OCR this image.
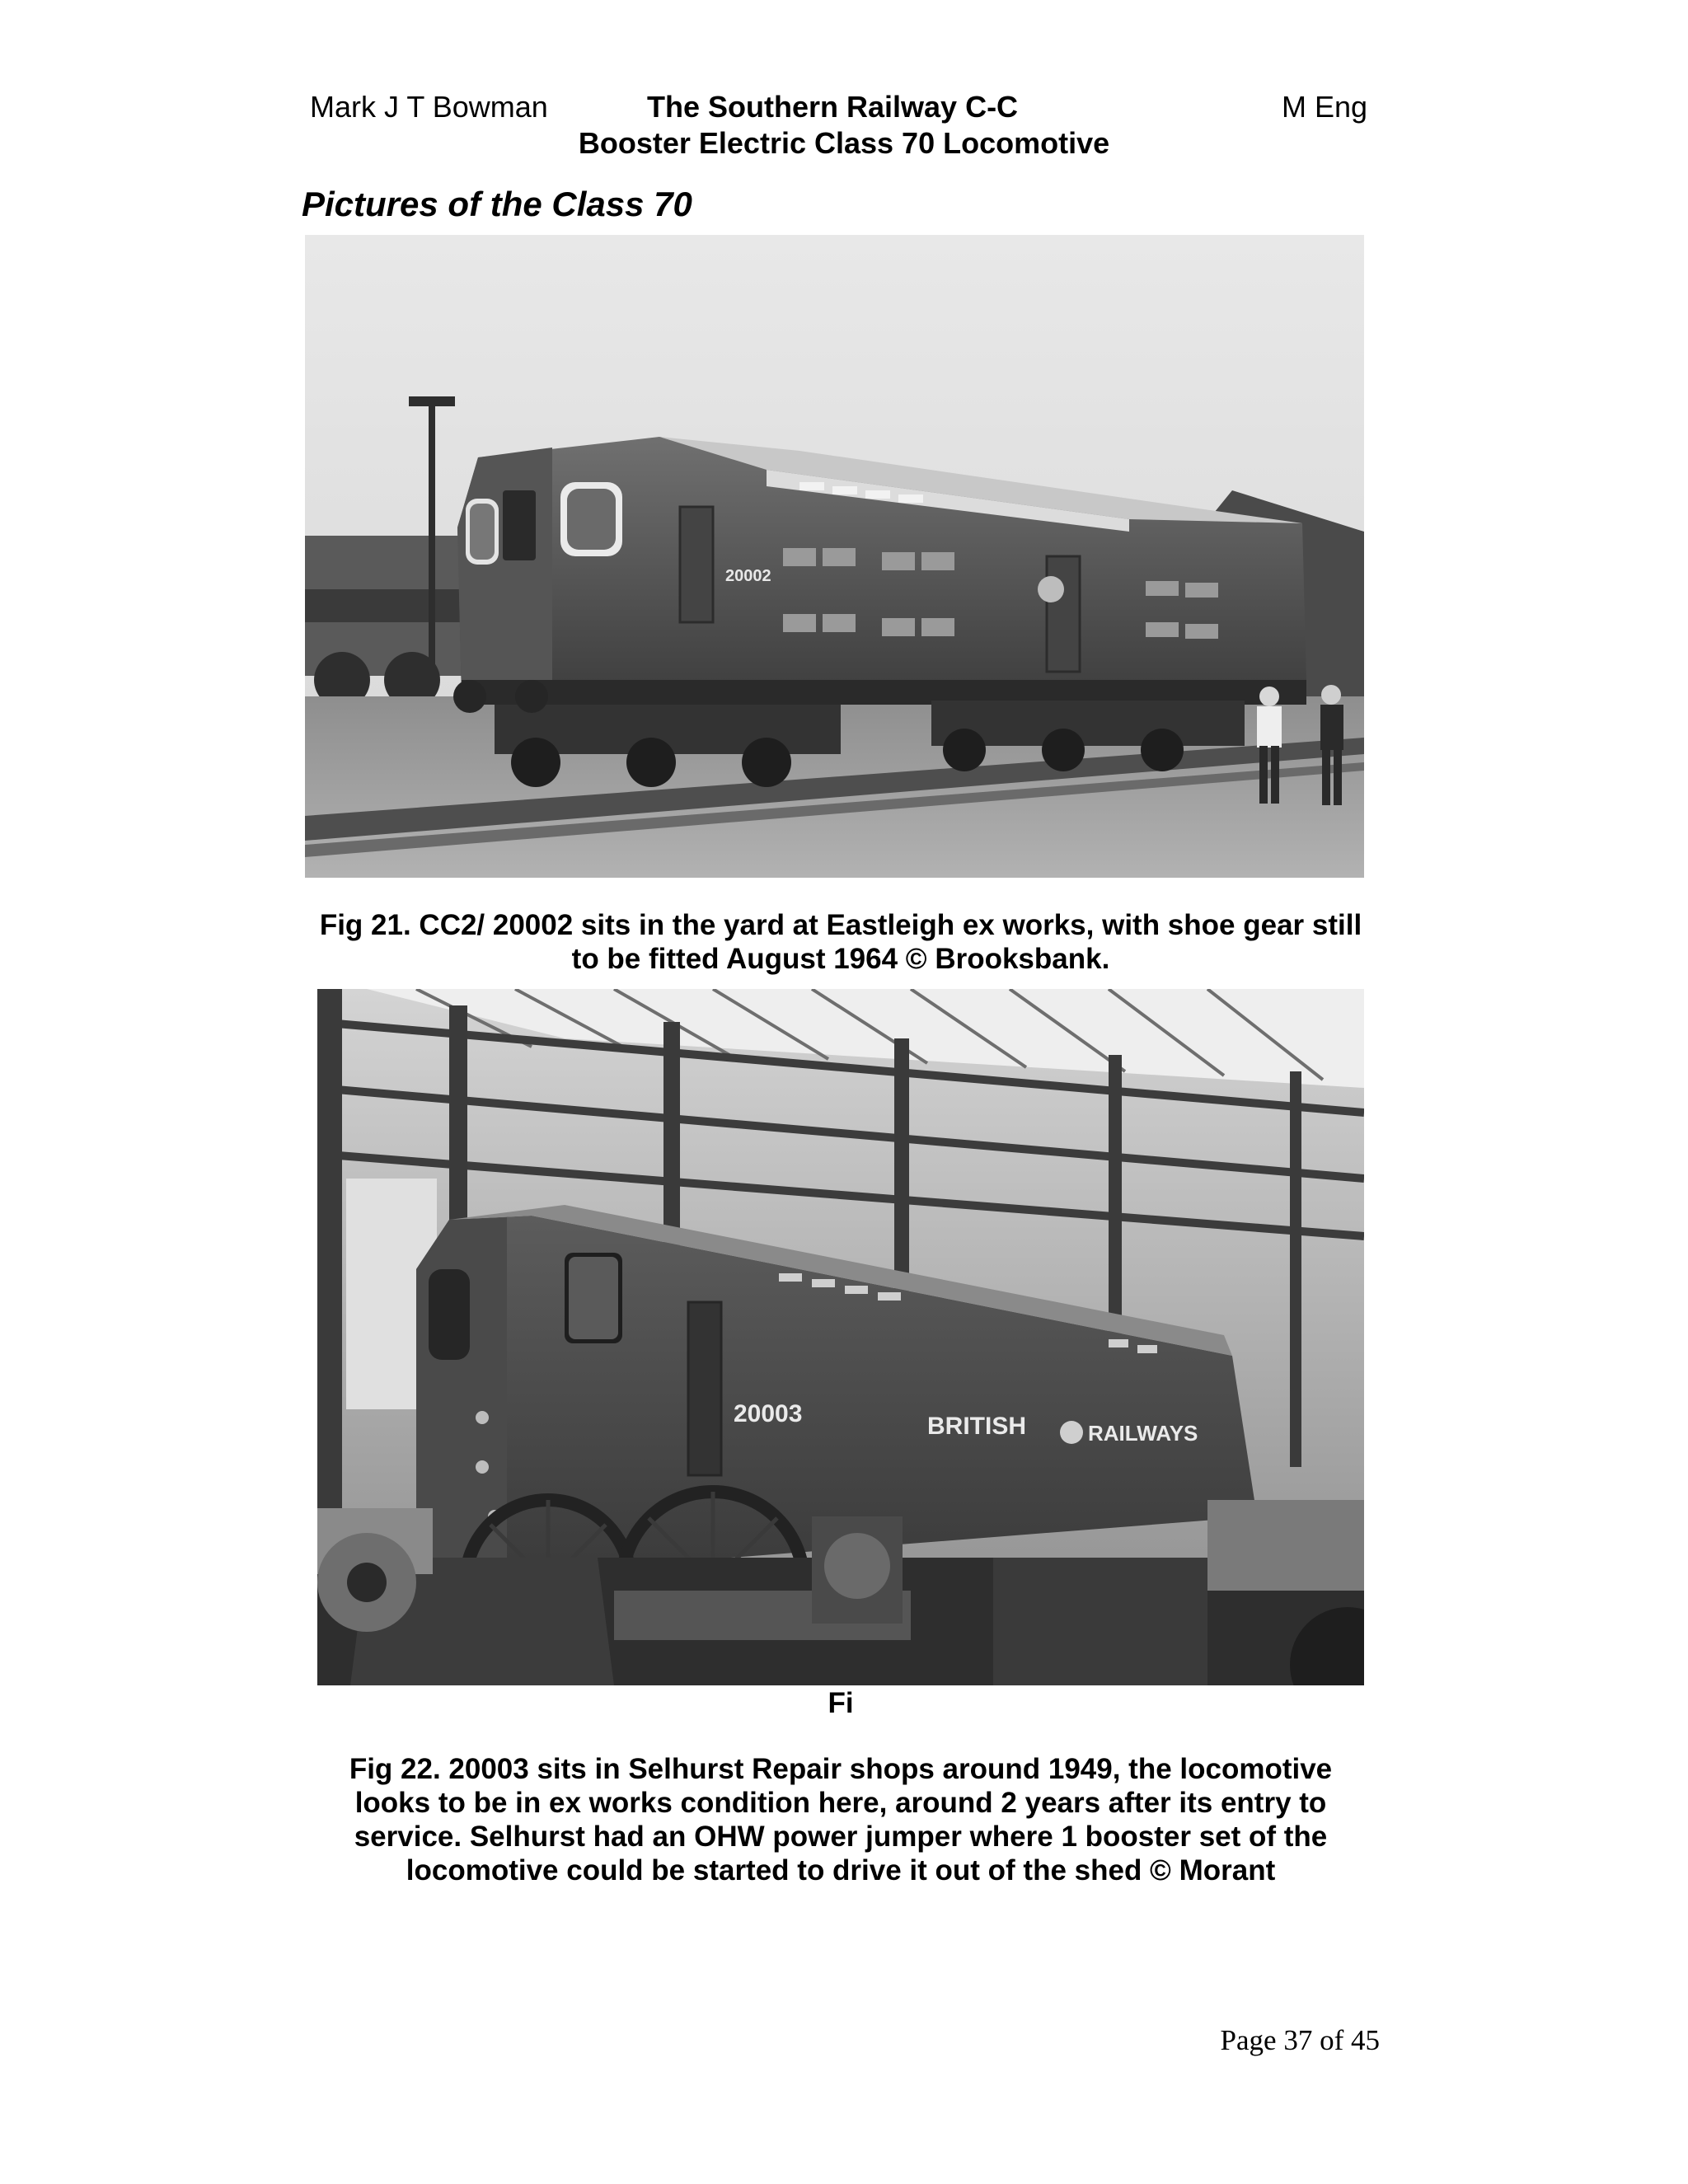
Mark J T Bowman	The Southern Railway C-C	M Eng
Booster Electric Class 70 Locomotive
Pictures of the Class 70
20002
Fig 21. CC2/ 20002 sits in the yard at Eastleigh ex works, with shoe gear still to be fitted August 1964 © Brooksbank.
20003	BRITISH	RAILWAYS
Fi
Fig 22. 20003 sits in Selhurst Repair shops around 1949, the locomotive looks to be in ex works condition here, around 2 years after its entry to service. Selhurst had an OHW power jumper where 1 booster set of the locomotive could be started to drive it out of the shed © Morant
Page 37 of 45
